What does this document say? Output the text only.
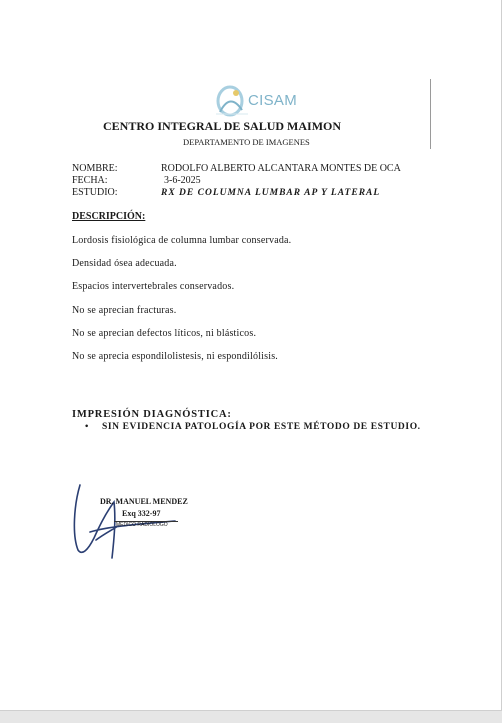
CISAM
CENTRO INTEGRAL DE SALUD MAIMON
DEPARTAMENTO DE IMAGENES
NOMBRE:	RODOLFO ALBERTO ALCANTARA MONTES DE OCA
FECHA:	3-6-2025
ESTUDIO:	RX DE COLUMNA LUMBAR AP Y LATERAL
DESCRIPCIÓN:
Lordosis fisiológica de columna lumbar conservada.
Densidad ósea adecuada.
Espacios intervertebrales conservados.
No se aprecian fracturas.
No se aprecian defectos líticos, ni blásticos.
No se aprecia espondilolistesis, ni espondilólisis.
IMPRESIÓN DIAGNÓSTICA:
• SIN EVIDENCIA PATOLOGÍA POR ESTE MÉTODO DE ESTUDIO.
DR. MANUEL MENDEZ
Exq 332-97
MEDICO RADIÓLOGO
